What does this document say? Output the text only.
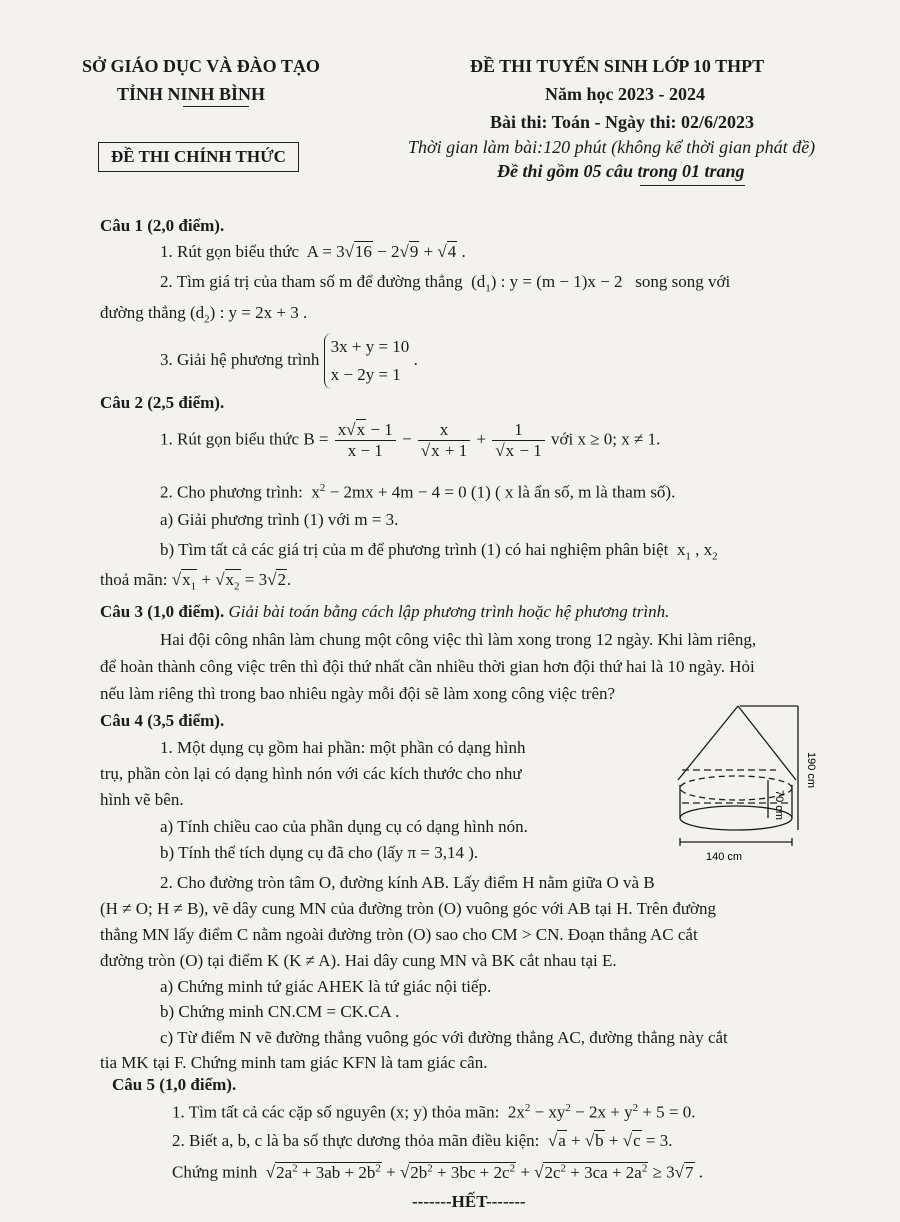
SỞ GIÁO DỤC VÀ ĐÀO TẠO
TỈNH NINH BÌNH
ĐỀ THI CHÍNH THỨC
ĐỀ THI TUYỂN SINH LỚP 10 THPT
Năm học 2023 - 2024
Bài thi: Toán - Ngày thi: 02/6/2023
Thời gian làm bài:120 phút (không kể thời gian phát đề)
Đề thi gồm 05 câu trong 01 trang
Câu 1 (2,0 điểm).
1. Rút gọn biểu thức  A = 3√16 − 2√9 + √4 .
2. Tìm giá trị của tham số m để đường thẳng  $(d_1)$ : y = (m − 1)x − 2   song song với
đường thẳng $(d_2)$ : y = 2x + 3 .
3. Giải hệ phương trình
3x + y = 10
x − 2y = 1
.
Câu 2 (2,5 điểm).
1. Rút gọn biểu thức $B = \frac{x√x - 1}{x - 1} - \frac{x}{√x + 1} + \frac{1}{√x - 1}$ với x ≥ 0; x ≠ 1.
2. Cho phương trình:  $x^2 - 2mx + 4m - 4 = 0$ (1) ( x là ẩn số, m là tham số).
a) Giải phương trình (1) với m = 3.
b) Tìm tất cả các giá trị của m để phương trình (1) có hai nghiệm phân biệt  $x_1$ , $x_2$
thoả mãn: $√x_1 + √x_2 = 3√2$.
Câu 3 (1,0 điểm). Giải bài toán bằng cách lập phương trình hoặc hệ phương trình.
Hai đội công nhân làm chung một công việc thì làm xong trong 12 ngày. Khi làm riêng,
để hoàn thành công việc trên thì đội thứ nhất cần nhiều thời gian hơn đội thứ hai là 10 ngày. Hỏi
nếu làm riêng thì trong bao nhiêu ngày mỗi đội sẽ làm xong công việc trên?
Câu 4 (3,5 điểm).
1. Một dụng cụ gồm hai phần: một phần có dạng hình
trụ, phần còn lại có dạng hình nón với các kích thước cho như
hình vẽ bên.
a) Tính chiều cao của phần dụng cụ có dạng hình nón.
b) Tính thể tích dụng cụ đã cho (lấy π = 3,14 ).
190 cm
70 cm
140 cm
2. Cho đường tròn tâm O, đường kính AB. Lấy điểm H nằm giữa O và B
(H ≠ O; H ≠ B), vẽ dây cung MN của đường tròn (O) vuông góc với AB tại H. Trên đường
thẳng MN lấy điểm C nằm ngoài đường tròn (O) sao cho CM > CN. Đoạn thẳng AC cắt
đường tròn (O) tại điểm K (K ≠ A). Hai dây cung MN và BK cắt nhau tại E.
a) Chứng minh tứ giác AHEK là tứ giác nội tiếp.
b) Chứng minh CN.CM = CK.CA .
c) Từ điểm N vẽ đường thẳng vuông góc với đường thẳng AC, đường thẳng này cắt
tia MK tại F. Chứng minh tam giác KFN là tam giác cân.
Câu 5 (1,0 điểm).
1. Tìm tất cả các cặp số nguyên (x; y) thỏa mãn:  $2x^2 - xy^2 - 2x + y^2 + 5 = 0$.
2. Biết a, b, c là ba số thực dương thỏa mãn điều kiện:  √a + √b + √c = 3.
Chứng minh  $√2a^2 + 3ab + 2b^2 + √2b^2 + 3bc + 2c^2 + √2c^2 + 3ca + 2a^2 \ge 3√7$ .
-------HẾT-------
